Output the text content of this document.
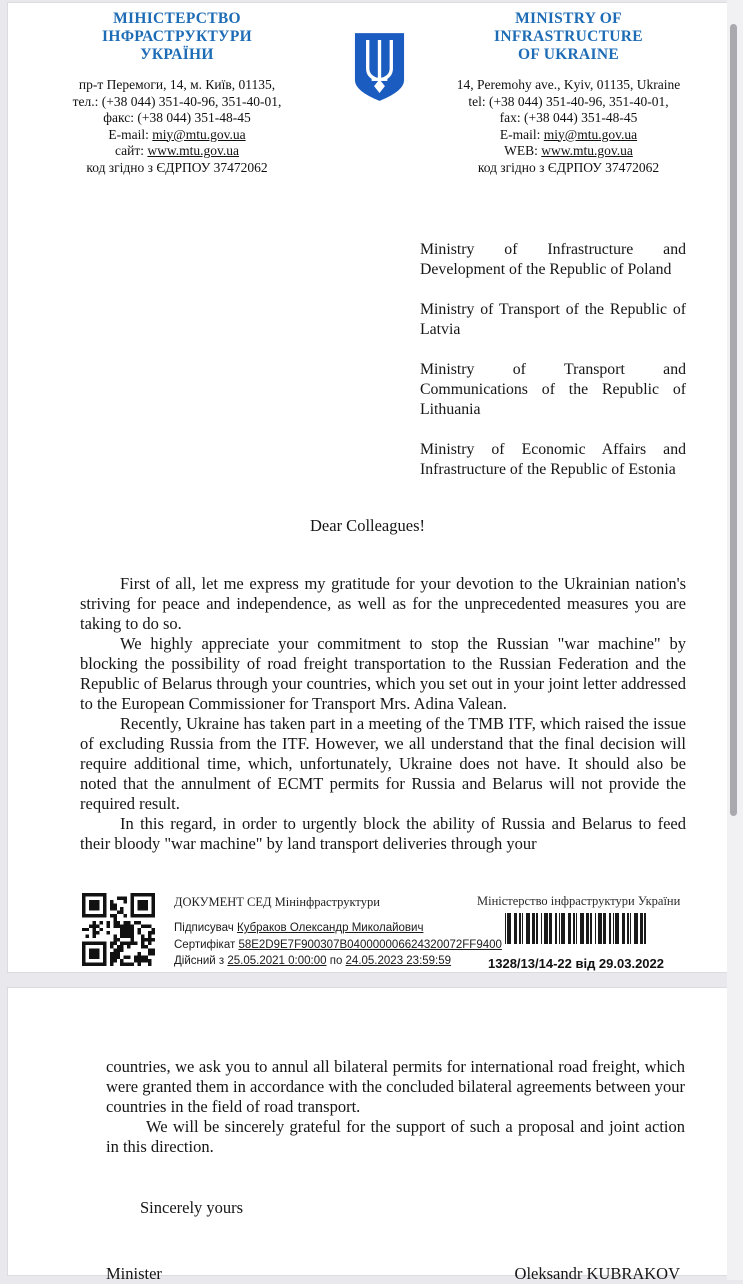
МІНІСТЕРСТВО
ІНФРАСТРУКТУРИ
УКРАЇНИ
пр-т Перемоги, 14, м. Київ, 01135,
тел.: (+38 044) 351-40-96, 351-40-01,
факс: (+38 044) 351-48-45
E-mail: miy@mtu.gov.ua
сайт: www.mtu.gov.ua
код згідно з ЄДРПОУ 37472062
MINISTRY OF
INFRASTRUCTURE
OF UKRAINE
14, Peremohy ave., Kyiv, 01135, Ukraine
tel: (+38 044) 351-40-96, 351-40-01,
fax: (+38 044) 351-48-45
E-mail: miy@mtu.gov.ua
WEB: www.mtu.gov.ua
код згідно з ЄДРПОУ 37472062

Ministry of Infrastructure and Development of the Republic of Poland

Ministry of Transport of the Republic of Latvia

Ministry of Transport and Communications of the Republic of Lithuania

Ministry of Economic Affairs and Infrastructure of the Republic of Estonia

Dear Colleagues!

First of all, let me express my gratitude for your devotion to the Ukrainian nation's striving for peace and independence, as well as for the unprecedented measures you are taking to do so.

We highly appreciate your commitment to stop the Russian "war machine" by blocking the possibility of road freight transportation to the Russian Federation and the Republic of Belarus through your countries, which you set out in your joint letter addressed to the European Commissioner for Transport Mrs. Adina Valean.

Recently, Ukraine has taken part in a meeting of the TMB ITF, which raised the issue of excluding Russia from the ITF. However, we all understand that the final decision will require additional time, which, unfortunately, Ukraine does not have. It should also be noted that the annulment of ECMT permits for Russia and Belarus will not provide the required result.

In this regard, in order to urgently block the ability of Russia and Belarus to feed their bloody "war machine" by land transport deliveries through your

ДОКУМЕНТ СЕД Мінінфраструктури
Підписувач Кубраков Олександр Миколайович
Сертифікат 58E2D9E7F900307B040000006624320072FF9400
Дійсний з 25.05.2021 0:00:00 по 24.05.2023 23:59:59
Міністерство інфраструктури України
1328/13/14-22 від 29.03.2022

countries, we ask you to annul all bilateral permits for international road freight, which were granted them in accordance with the concluded bilateral agreements between your countries in the field of road transport.

We will be sincerely grateful for the support of such a proposal and joint action in this direction.

Sincerely yours
Minister	Oleksandr KUBRAKOV
